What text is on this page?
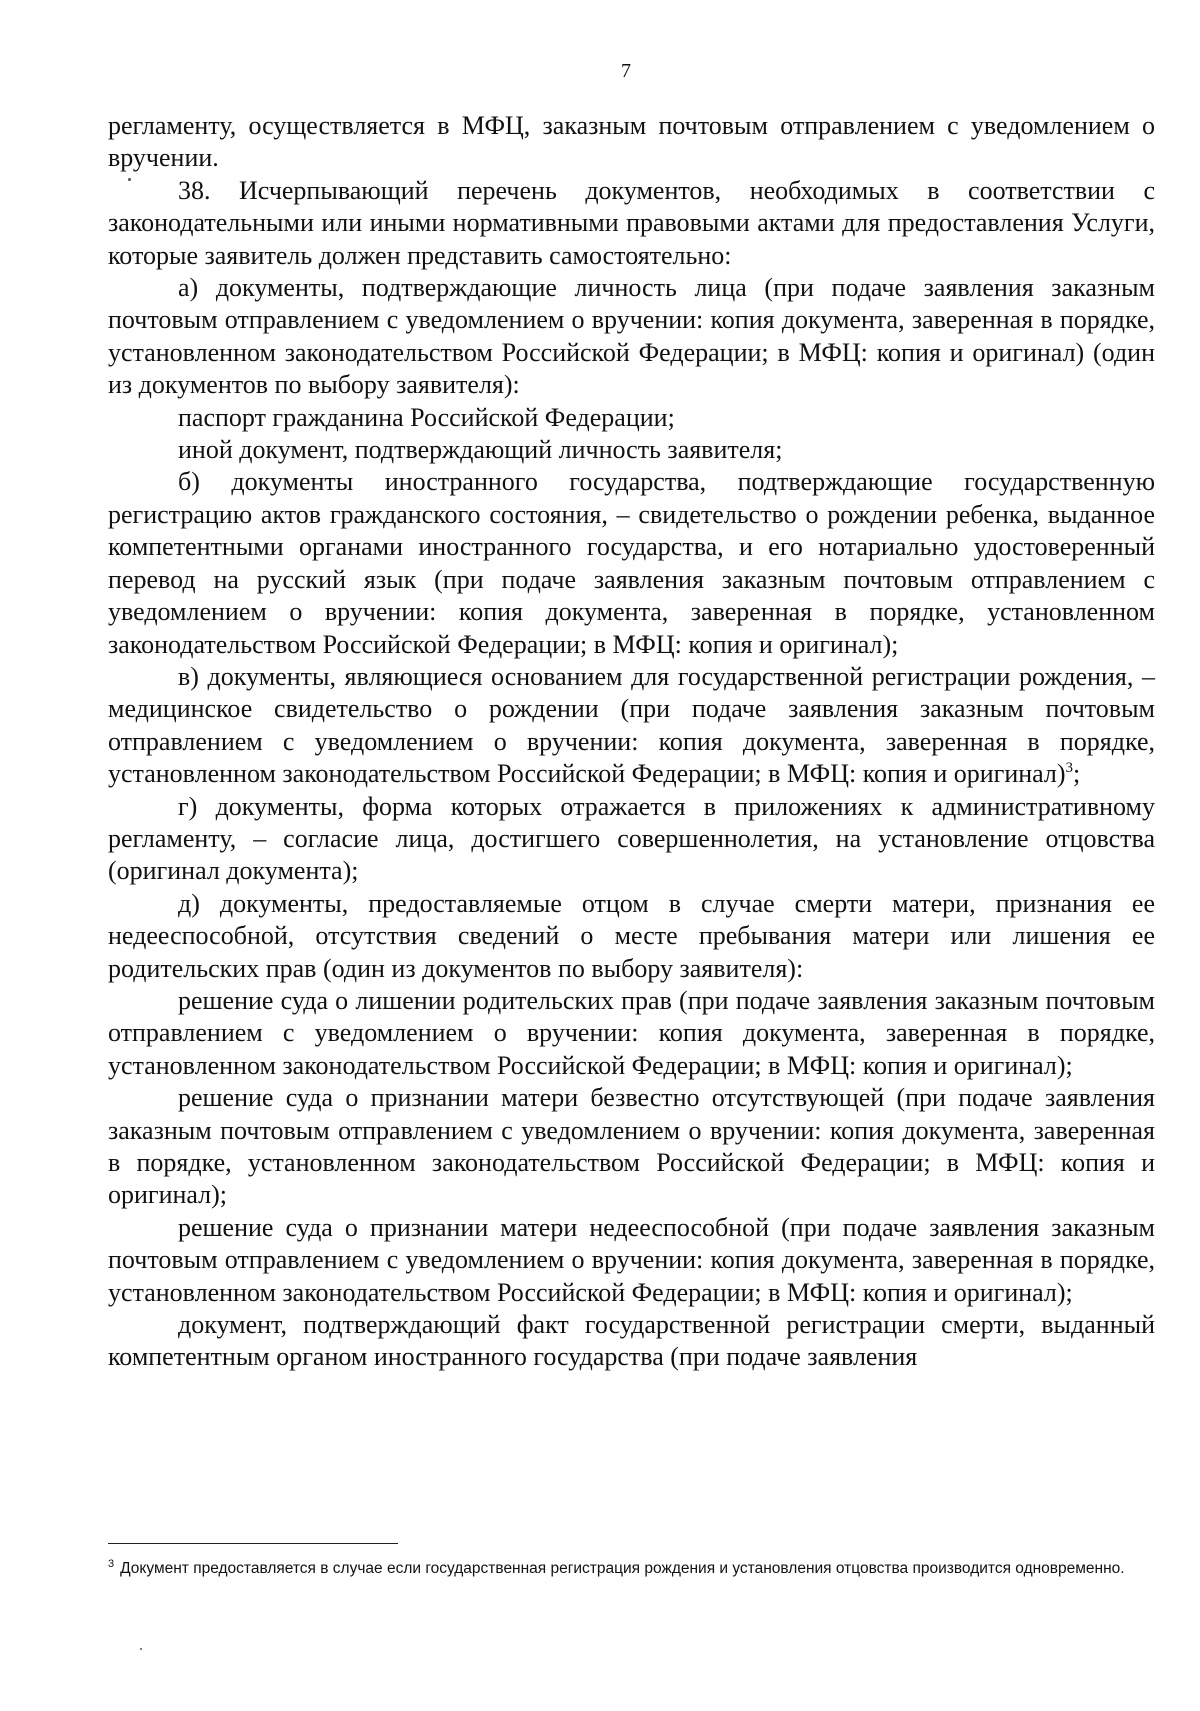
7

регламенту, осуществляется в МФЦ, заказным почтовым отправлением с уведомлением о вручении.

38. Исчерпывающий перечень документов, необходимых в соответствии с законодательными или иными нормативными правовыми актами для предоставления Услуги, которые заявитель должен представить самостоятельно:

а) документы, подтверждающие личность лица (при подаче заявления заказным почтовым отправлением с уведомлением о вручении: копия документа, заверенная в порядке, установленном законодательством Российской Федерации; в МФЦ: копия и оригинал) (один из документов по выбору заявителя):

паспорт гражданина Российской Федерации;

иной документ, подтверждающий личность заявителя;

б) документы иностранного государства, подтверждающие государственную регистрацию актов гражданского состояния, – свидетельство о рождении ребенка, выданное компетентными органами иностранного государства, и его нотариально удостоверенный перевод на русский язык (при подаче заявления заказным почтовым отправлением с уведомлением о вручении: копия документа, заверенная в порядке, установленном законодательством Российской Федерации; в МФЦ: копия и оригинал);

в) документы, являющиеся основанием для государственной регистрации рождения, – медицинское свидетельство о рождении (при подаче заявления заказным почтовым отправлением с уведомлением о вручении: копия документа, заверенная в порядке, установленном законодательством Российской Федерации; в МФЦ: копия и оригинал)$^3$;

г) документы, форма которых отражается в приложениях к административному регламенту, – согласие лица, достигшего совершеннолетия, на установление отцовства (оригинал документа);

д) документы, предоставляемые отцом в случае смерти матери, признания ее недееспособной, отсутствия сведений о месте пребывания матери или лишения ее родительских прав (один из документов по выбору заявителя):

решение суда о лишении родительских прав (при подаче заявления заказным почтовым отправлением с уведомлением о вручении: копия документа, заверенная в порядке, установленном законодательством Российской Федерации; в МФЦ: копия и оригинал);

решение суда о признании матери безвестно отсутствующей (при подаче заявления заказным почтовым отправлением с уведомлением о вручении: копия документа, заверенная в порядке, установленном законодательством Российской Федерации; в МФЦ: копия и оригинал);

решение суда о признании матери недееспособной (при подаче заявления заказным почтовым отправлением с уведомлением о вручении: копия документа, заверенная в порядке, установленном законодательством Российской Федерации; в МФЦ: копия и оригинал);

документ, подтверждающий факт государственной регистрации смерти, выданный компетентным органом иностранного государства (при подаче заявления

$^3$ Документ предоставляется в случае если государственная регистрация рождения и установления отцовства производится одновременно.
